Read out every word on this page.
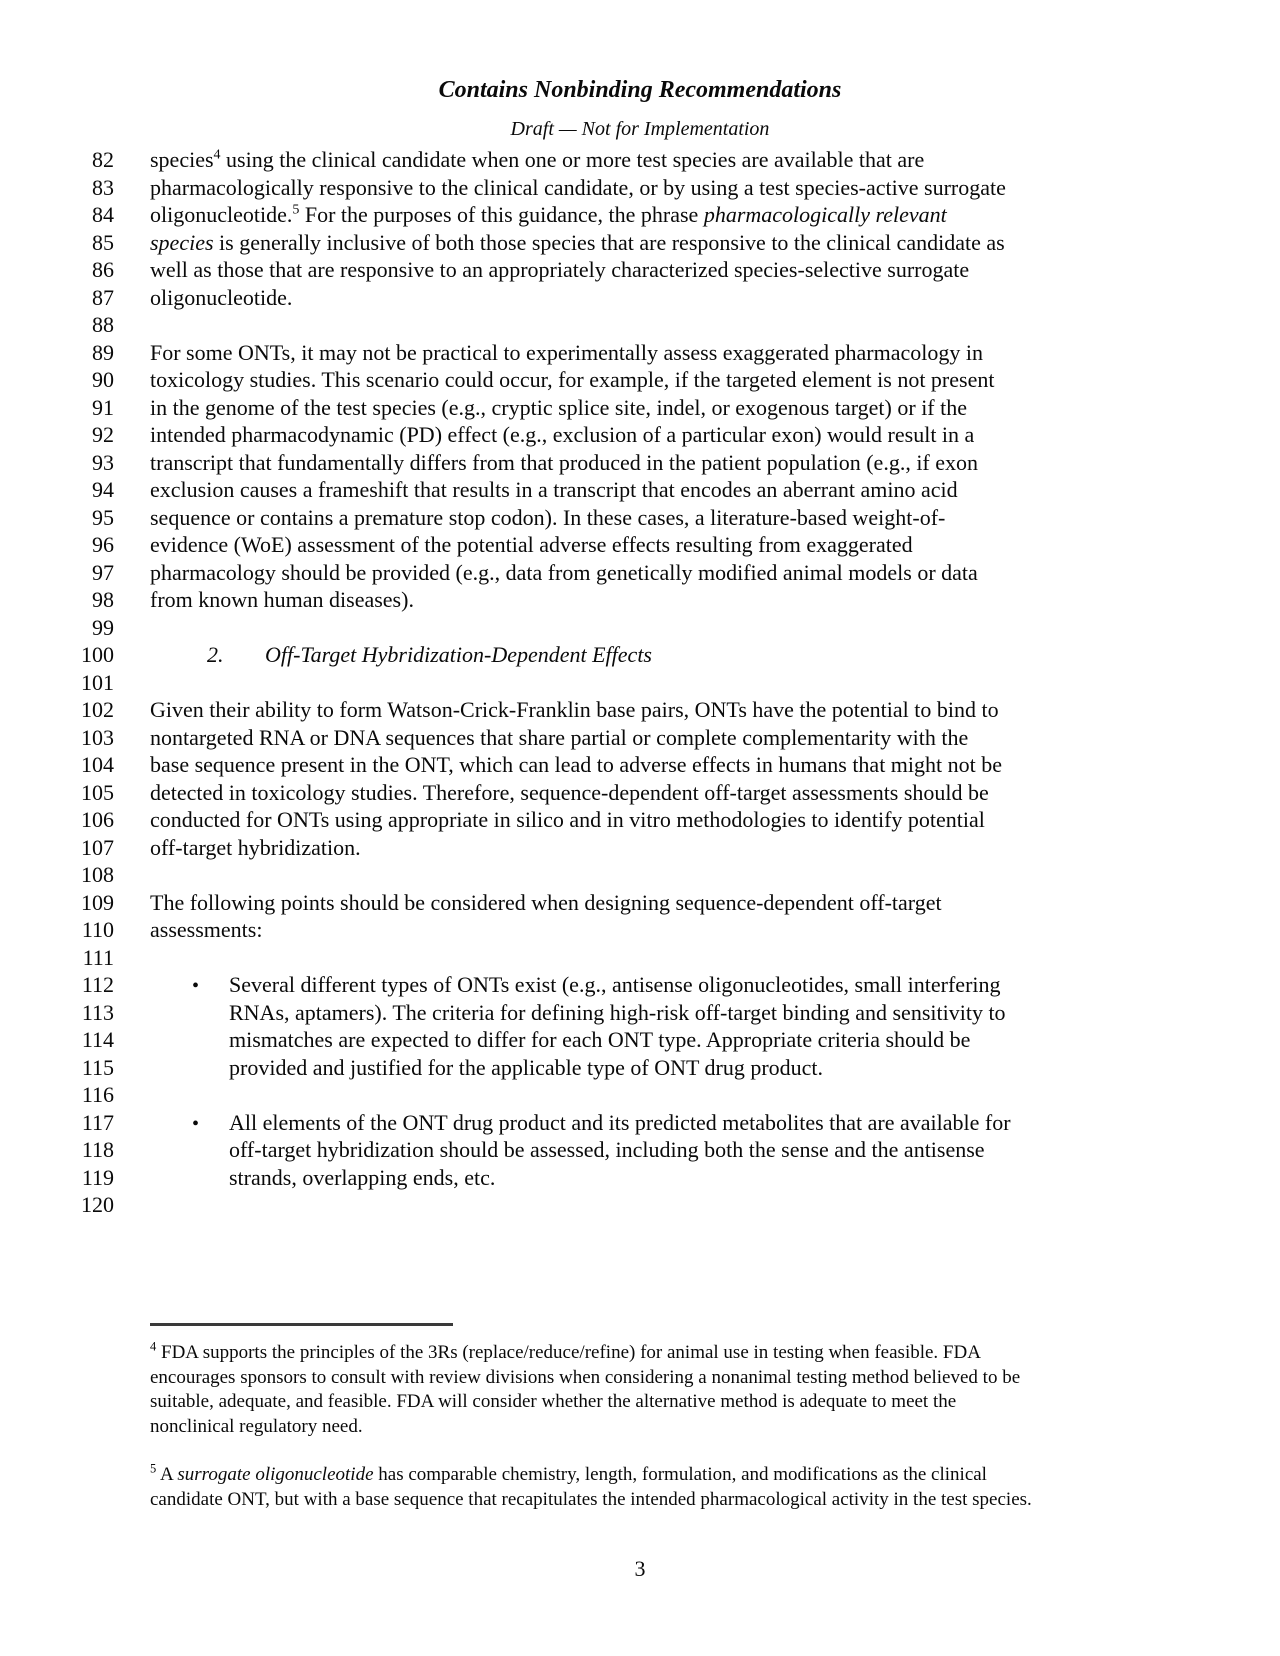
Contains Nonbinding Recommendations
Draft — Not for Implementation
82 species$^4$ using the clinical candidate when one or more test species are available that are
83 pharmacologically responsive to the clinical candidate, or by using a test species-active surrogate
84 oligonucleotide.$^5$ For the purposes of this guidance, the phrase pharmacologically relevant
85 species is generally inclusive of both those species that are responsive to the clinical candidate as
86 well as those that are responsive to an appropriately characterized species-selective surrogate
87 oligonucleotide.
88
89 For some ONTs, it may not be practical to experimentally assess exaggerated pharmacology in
90 toxicology studies. This scenario could occur, for example, if the targeted element is not present
91 in the genome of the test species (e.g., cryptic splice site, indel, or exogenous target) or if the
92 intended pharmacodynamic (PD) effect (e.g., exclusion of a particular exon) would result in a
93 transcript that fundamentally differs from that produced in the patient population (e.g., if exon
94 exclusion causes a frameshift that results in a transcript that encodes an aberrant amino acid
95 sequence or contains a premature stop codon). In these cases, a literature-based weight-of-
96 evidence (WoE) assessment of the potential adverse effects resulting from exaggerated
97 pharmacology should be provided (e.g., data from genetically modified animal models or data
98 from known human diseases).
99
100	2. Off-Target Hybridization-Dependent Effects
101
102 Given their ability to form Watson-Crick-Franklin base pairs, ONTs have the potential to bind to
103 nontargeted RNA or DNA sequences that share partial or complete complementarity with the
104 base sequence present in the ONT, which can lead to adverse effects in humans that might not be
105 detected in toxicology studies. Therefore, sequence-dependent off-target assessments should be
106 conducted for ONTs using appropriate in silico and in vitro methodologies to identify potential
107 off-target hybridization.
108
109 The following points should be considered when designing sequence-dependent off-target
110 assessments:
111
112	• Several different types of ONTs exist (e.g., antisense oligonucleotides, small interfering
113	RNAs, aptamers). The criteria for defining high-risk off-target binding and sensitivity to
114	mismatches are expected to differ for each ONT type. Appropriate criteria should be
115	provided and justified for the applicable type of ONT drug product.
116
117	• All elements of the ONT drug product and its predicted metabolites that are available for
118	off-target hybridization should be assessed, including both the sense and the antisense
119	strands, overlapping ends, etc.
120
$^4$ FDA supports the principles of the 3Rs (replace/reduce/refine) for animal use in testing when feasible. FDA
encourages sponsors to consult with review divisions when considering a nonanimal testing method believed to be
suitable, adequate, and feasible. FDA will consider whether the alternative method is adequate to meet the
nonclinical regulatory need.
$^5$ A surrogate oligonucleotide has comparable chemistry, length, formulation, and modifications as the clinical
candidate ONT, but with a base sequence that recapitulates the intended pharmacological activity in the test species.
3
